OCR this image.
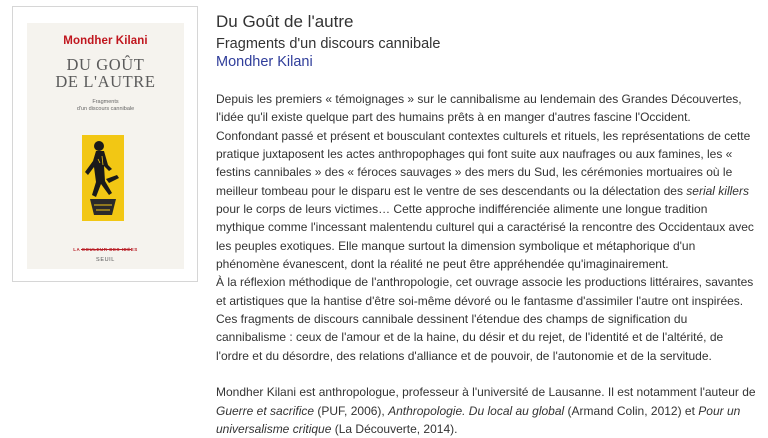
Mondher Kilani
DU GOÛT
DE L'AUTRE
Fragments
d'un discours cannibale
LA COULEUR DES IDÉES
SEUIL
Du Goût de l'autre
Fragments d'un discours cannibale
Mondher Kilani

Depuis les premiers « témoignages » sur le cannibalisme au lendemain des Grandes Découvertes, l'idée qu'il existe quelque part des humains prêts à en manger d'autres fascine l'Occident. Confondant passé et présent et bousculant contextes culturels et rituels, les représentations de cette pratique juxtaposent les actes anthropophages qui font suite aux naufrages ou aux famines, les « festins cannibales » des « féroces sauvages » des mers du Sud, les cérémonies mortuaires où le meilleur tombeau pour le disparu est le ventre de ses descendants ou la délectation des serial killers pour le corps de leurs victimes… Cette approche indifférenciée alimente une longue tradition mythique comme l'incessant malentendu culturel qui a caractérisé la rencontre des Occidentaux avec les peuples exotiques. Elle manque surtout la dimension symbolique et métaphorique d'un phénomène évanescent, dont la réalité ne peut être appréhendée qu'imaginairement.

À la réflexion méthodique de l'anthropologie, cet ouvrage associe les productions littéraires, savantes et artistiques que la hantise d'être soi-même dévoré ou le fantasme d'assimiler l'autre ont inspirées. Ces fragments de discours cannibale dessinent l'étendue des champs de signification du cannibalisme : ceux de l'amour et de la haine, du désir et du rejet, de l'identité et de l'altérité, de l'ordre et du désordre, des relations d'alliance et de pouvoir, de l'autonomie et de la servitude.

Mondher Kilani est anthropologue, professeur à l'université de Lausanne. Il est notamment l'auteur de Guerre et sacrifice (PUF, 2006), Anthropologie. Du local au global (Armand Colin, 2012) et Pour un universalisme critique (La Découverte, 2014).
